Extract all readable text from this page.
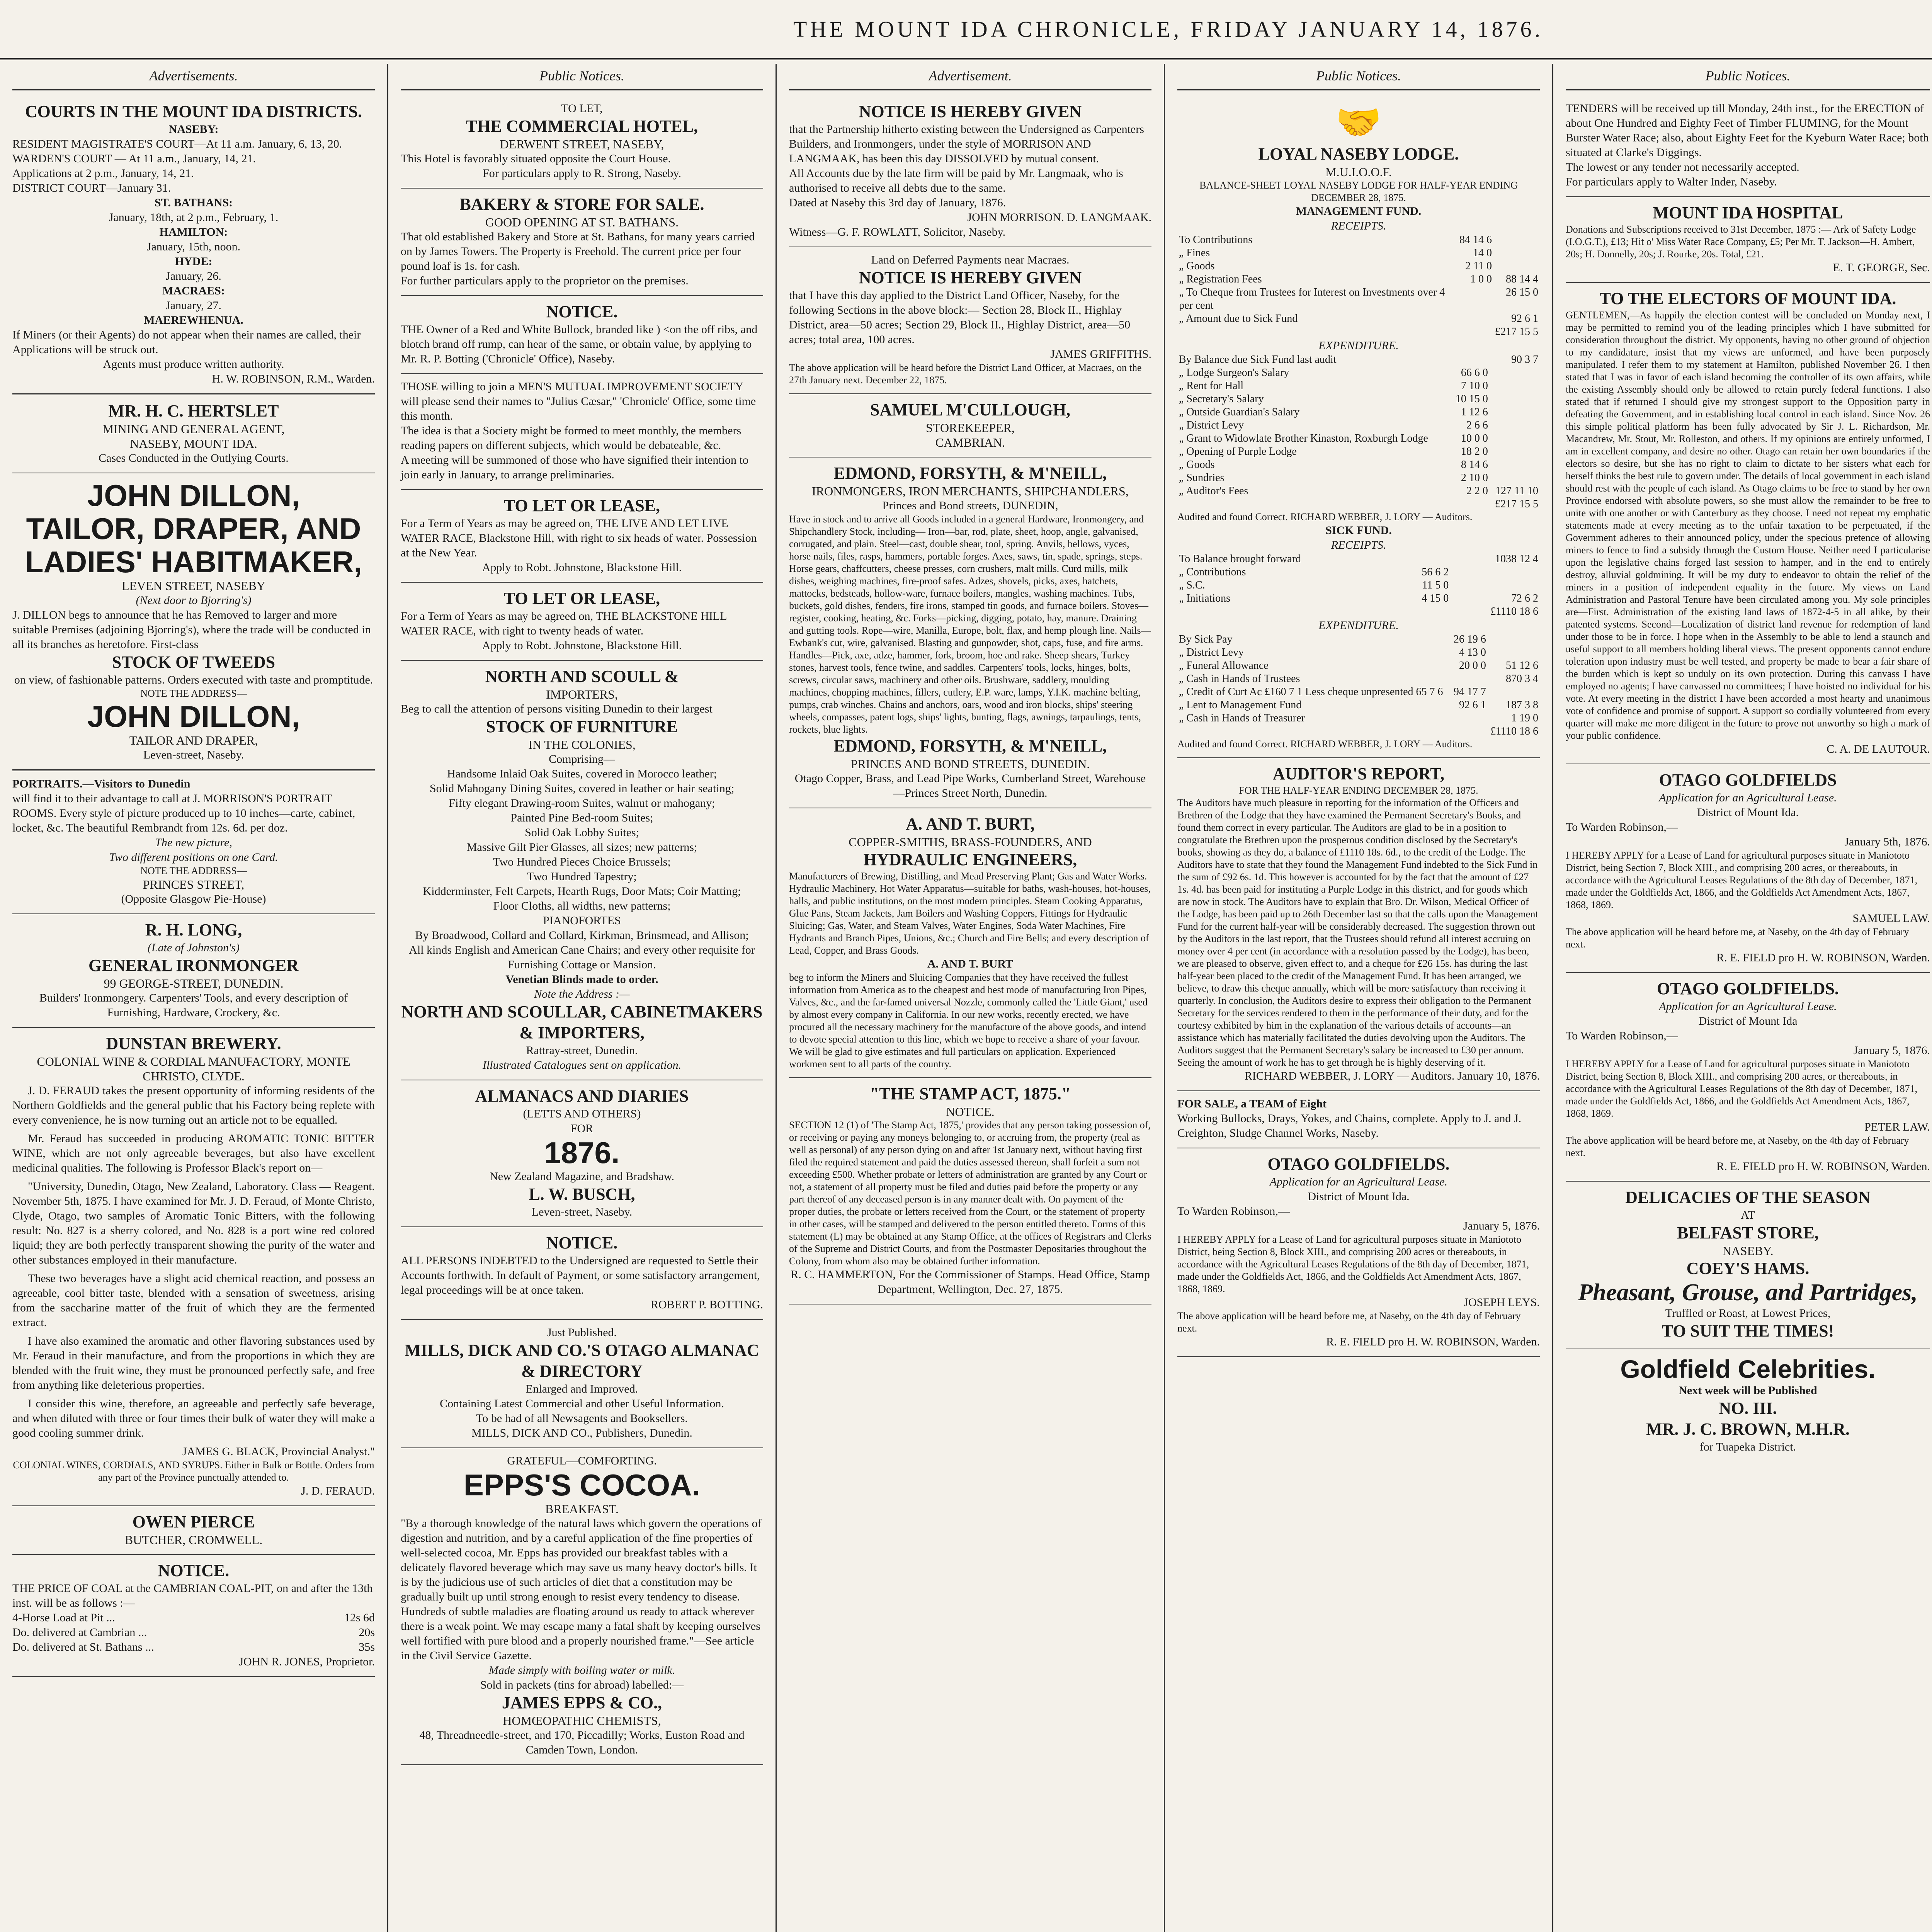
THE MOUNT IDA CHRONICLE, FRIDAY JANUARY 14, 1876.
Advertisements.
COURTS IN THE MOUNT IDA DISTRICTS.
NASEBY:
RESIDENT MAGISTRATE'S COURT—At 11 a.m. January, 6, 13, 20.
WARDEN'S COURT — At 11 a.m., January, 14, 21.
Applications at 2 p.m., January, 14, 21.
DISTRICT COURT—January 31.
ST. BATHANS:
January, 18th, at 2 p.m., February, 1.
HAMILTON:
January, 15th, noon.
HYDE:
January, 26.
MACRAES:
January, 27.
MAEREWHENUA.
If Miners (or their Agents) do not appear when their names are called, their Applications will be struck out.
Agents must produce written authority.
H. W. ROBINSON, R.M., Warden.
MR. H. C. HERTSLET
MINING AND GENERAL AGENT,
NASEBY, MOUNT IDA.
Cases Conducted in the Outlying Courts.
JOHN DILLON,
TAILOR, DRAPER, AND LADIES' HABITMAKER,
LEVEN STREET, NASEBY
(Next door to Bjorring's)
J. DILLON begs to announce that he has Removed to larger and more suitable Premises (adjoining Bjorring's), where the trade will be conducted in all its branches as heretofore. First-class
STOCK OF TWEEDS
on view, of fashionable patterns. Orders executed with taste and promptitude.
NOTE THE ADDRESS—
JOHN DILLON,
TAILOR AND DRAPER,
Leven-street, Naseby.
PORTRAITS.—Visitors to Dunedin
will find it to their advantage to call at J. MORRISON'S PORTRAIT ROOMS. Every style of picture produced up to 10 inches—carte, cabinet, locket, &c. The beautiful Rembrandt from 12s. 6d. per doz.
The new picture,
Two different positions on one Card.
NOTE THE ADDRESS—
PRINCES STREET,
(Opposite Glasgow Pie-House)
R. H. LONG,
(Late of Johnston's)
GENERAL IRONMONGER
99 GEORGE-STREET, DUNEDIN.
Builders' Ironmongery. Carpenters' Tools, and every description of Furnishing, Hardware, Crockery, &c.
DUNSTAN BREWERY.
COLONIAL WINE & CORDIAL MANUFACTORY, MONTE CHRISTO, CLYDE.

J. D. FERAUD takes the present opportunity of informing residents of the Northern Goldfields and the general public that his Factory being replete with every convenience, he is now turning out an article not to be equalled.

Mr. Feraud has succeeded in producing AROMATIC TONIC BITTER WINE, which are not only agreeable beverages, but also have excellent medicinal qualities. The following is Professor Black's report on—

"University, Dunedin, Otago, New Zealand, Laboratory. Class — Reagent. November 5th, 1875. I have examined for Mr. J. D. Feraud, of Monte Christo, Clyde, Otago, two samples of Aromatic Tonic Bitters, with the following result: No. 827 is a sherry colored, and No. 828 is a port wine red colored liquid; they are both perfectly transparent showing the purity of the water and other substances employed in their manufacture.

These two beverages have a slight acid chemical reaction, and possess an agreeable, cool bitter taste, blended with a sensation of sweetness, arising from the saccharine matter of the fruit of which they are the fermented extract.

I have also examined the aromatic and other flavoring substances used by Mr. Feraud in their manufacture, and from the proportions in which they are blended with the fruit wine, they must be pronounced perfectly safe, and free from anything like deleterious properties.

I consider this wine, therefore, an agreeable and perfectly safe beverage, and when diluted with three or four times their bulk of water they will make a good cooling summer drink.

JAMES G. BLACK, Provincial Analyst."
COLONIAL WINES, CORDIALS, AND SYRUPS. Either in Bulk or Bottle. Orders from any part of the Province punctually attended to.
J. D. FERAUD.
OWEN PIERCE
BUTCHER, CROMWELL.
NOTICE.
THE PRICE OF COAL at the CAMBRIAN COAL-PIT, on and after the 13th inst. will be as follows :—
4-Horse Load at Pit ...	12s 6d
Do. delivered at Cambrian ...	20s
Do. delivered at St. Bathans ...	35s
JOHN R. JONES, Proprietor.
Public Notices.
TO LET,
THE COMMERCIAL HOTEL,
DERWENT STREET, NASEBY,
This Hotel is favorably situated opposite the Court House.
For particulars apply to R. Strong, Naseby.
BAKERY & STORE FOR SALE.
GOOD OPENING AT ST. BATHANS.
That old established Bakery and Store at St. Bathans, for many years carried on by James Towers. The Property is Freehold. The current price per four pound loaf is 1s. for cash.
For further particulars apply to the proprietor on the premises.
NOTICE.
THE Owner of a Red and White Bullock, branded like ) <on the off ribs, and blotch brand off rump, can hear of the same, or obtain value, by applying to Mr. R. P. Botting ('Chronicle' Office), Naseby.
THOSE willing to join a MEN'S MUTUAL IMPROVEMENT SOCIETY will please send their names to "Julius Cæsar," 'Chronicle' Office, some time this month.
The idea is that a Society might be formed to meet monthly, the members reading papers on different subjects, which would be debateable, &c.
A meeting will be summoned of those who have signified their intention to join early in January, to arrange preliminaries.
TO LET OR LEASE,
For a Term of Years as may be agreed on, THE LIVE AND LET LIVE WATER RACE, Blackstone Hill, with right to six heads of water. Possession at the New Year.
Apply to Robt. Johnstone, Blackstone Hill.
TO LET OR LEASE,
For a Term of Years as may be agreed on, THE BLACKSTONE HILL WATER RACE, with right to twenty heads of water.
Apply to Robt. Johnstone, Blackstone Hill.
NORTH AND SCOULL &
IMPORTERS,
Beg to call the attention of persons visiting Dunedin to their largest
STOCK OF FURNITURE
IN THE COLONIES,
Comprising—
Handsome Inlaid Oak Suites, covered in Morocco leather;
Solid Mahogany Dining Suites, covered in leather or hair seating;
Fifty elegant Drawing-room Suites, walnut or mahogany;
Painted Pine Bed-room Suites;
Solid Oak Lobby Suites;
Massive Gilt Pier Glasses, all sizes; new patterns;
Two Hundred Pieces Choice Brussels;
Two Hundred Tapestry;
Kidderminster, Felt Carpets, Hearth Rugs, Door Mats; Coir Matting;
Floor Cloths, all widths, new patterns;
PIANOFORTES
By Broadwood, Collard and Collard, Kirkman, Brinsmead, and Allison;
All kinds English and American Cane Chairs; and every other requisite for Furnishing Cottage or Mansion.
Venetian Blinds made to order.
Note the Address :—
NORTH AND SCOULLAR, CABINETMAKERS & IMPORTERS,
Rattray-street, Dunedin.
Illustrated Catalogues sent on application.
ALMANACS AND DIARIES
(LETTS AND OTHERS)
FOR
1876.
New Zealand Magazine, and Bradshaw.
L. W. BUSCH,
Leven-street, Naseby.
NOTICE.
ALL PERSONS INDEBTED to the Undersigned are requested to Settle their Accounts forthwith. In default of Payment, or some satisfactory arrangement, legal proceedings will be at once taken.
ROBERT P. BOTTING.
Just Published.
MILLS, DICK AND CO.'S OTAGO ALMANAC & DIRECTORY
Enlarged and Improved.
Containing Latest Commercial and other Useful Information.
To be had of all Newsagents and Booksellers.
MILLS, DICK AND CO., Publishers, Dunedin.
GRATEFUL—COMFORTING.
EPPS'S COCOA.
BREAKFAST.
"By a thorough knowledge of the natural laws which govern the operations of digestion and nutrition, and by a careful application of the fine properties of well-selected cocoa, Mr. Epps has provided our breakfast tables with a delicately flavored beverage which may save us many heavy doctor's bills. It is by the judicious use of such articles of diet that a constitution may be gradually built up until strong enough to resist every tendency to disease. Hundreds of subtle maladies are floating around us ready to attack wherever there is a weak point. We may escape many a fatal shaft by keeping ourselves well fortified with pure blood and a properly nourished frame."—See article in the Civil Service Gazette.
Made simply with boiling water or milk.
Sold in packets (tins for abroad) labelled:—
JAMES EPPS & CO.,
HOMŒOPATHIC CHEMISTS,
48, Threadneedle-street, and 170, Piccadilly; Works, Euston Road and Camden Town, London.
Advertisement.
NOTICE IS HEREBY GIVEN
that the Partnership hitherto existing between the Undersigned as Carpenters Builders, and Ironmongers, under the style of MORRISON AND LANGMAAK, has been this day DISSOLVED by mutual consent.
All Accounts due by the late firm will be paid by Mr. Langmaak, who is authorised to receive all debts due to the same.
Dated at Naseby this 3rd day of January, 1876.
JOHN MORRISON. D. LANGMAAK.
Witness—G. F. ROWLATT, Solicitor, Naseby.
Land on Deferred Payments near Macraes.
NOTICE IS HEREBY GIVEN
that I have this day applied to the District Land Officer, Naseby, for the following Sections in the above block:— Section 28, Block II., Highlay District, area—50 acres; Section 29, Block II., Highlay District, area—50 acres; total area, 100 acres.
JAMES GRIFFITHS.
The above application will be heard before the District Land Officer, at Macraes, on the 27th January next. December 22, 1875.
SAMUEL M'CULLOUGH,
STOREKEEPER,
CAMBRIAN.
EDMOND, FORSYTH, & M'NEILL,
IRONMONGERS, IRON MERCHANTS, SHIPCHANDLERS,
Princes and Bond streets, DUNEDIN,
Have in stock and to arrive all Goods included in a general Hardware, Ironmongery, and Shipchandlery Stock, including— Iron—bar, rod, plate, sheet, hoop, angle, galvanised, corrugated, and plain. Steel—cast, double shear, tool, spring. Anvils, bellows, vyces, horse nails, files, rasps, hammers, portable forges. Axes, saws, tin, spade, springs, steps. Horse gears, chaffcutters, cheese presses, corn crushers, malt mills. Curd mills, milk dishes, weighing machines, fire-proof safes. Adzes, shovels, picks, axes, hatchets, mattocks, bedsteads, hollow-ware, furnace boilers, mangles, washing machines. Tubs, buckets, gold dishes, fenders, fire irons, stamped tin goods, and furnace boilers. Stoves—register, cooking, heating, &c. Forks—picking, digging, potato, hay, manure. Draining and gutting tools. Rope—wire, Manilla, Europe, bolt, flax, and hemp plough line. Nails—Ewbank's cut, wire, galvanised. Blasting and gunpowder, shot, caps, fuse, and fire arms. Handles—Pick, axe, adze, hammer, fork, broom, hoe and rake. Sheep shears, Turkey stones, harvest tools, fence twine, and saddles. Carpenters' tools, locks, hinges, bolts, screws, circular saws, machinery and other oils. Brushware, saddlery, moulding machines, chopping machines, fillers, cutlery, E.P. ware, lamps, Y.I.K. machine belting, pumps, crab winches. Chains and anchors, oars, wood and iron blocks, ships' steering wheels, compasses, patent logs, ships' lights, bunting, flags, awnings, tarpaulings, tents, rockets, blue lights.
EDMOND, FORSYTH, & M'NEILL,
PRINCES AND BOND STREETS, DUNEDIN.
Otago Copper, Brass, and Lead Pipe Works, Cumberland Street, Warehouse—Princes Street North, Dunedin.
A. AND T. BURT,
COPPER-SMITHS, BRASS-FOUNDERS, AND
HYDRAULIC ENGINEERS,
Manufacturers of Brewing, Distilling, and Mead Preserving Plant; Gas and Water Works. Hydraulic Machinery, Hot Water Apparatus—suitable for baths, wash-houses, hot-houses, halls, and public institutions, on the most modern principles. Steam Cooking Apparatus, Glue Pans, Steam Jackets, Jam Boilers and Washing Coppers, Fittings for Hydraulic Sluicing; Gas, Water, and Steam Valves, Water Engines, Soda Water Machines, Fire Hydrants and Branch Pipes, Unions, &c.; Church and Fire Bells; and every description of Lead, Copper, and Brass Goods.
A. AND T. BURT
beg to inform the Miners and Sluicing Companies that they have received the fullest information from America as to the cheapest and best mode of manufacturing Iron Pipes, Valves, &c., and the far-famed universal Nozzle, commonly called the 'Little Giant,' used by almost every company in California. In our new works, recently erected, we have procured all the necessary machinery for the manufacture of the above goods, and intend to devote special attention to this line, which we hope to receive a share of your favour. We will be glad to give estimates and full particulars on application. Experienced workmen sent to all parts of the country.
"THE STAMP ACT, 1875."
NOTICE.
SECTION 12 (1) of 'The Stamp Act, 1875,' provides that any person taking possession of, or receiving or paying any moneys belonging to, or accruing from, the property (real as well as personal) of any person dying on and after 1st January next, without having first filed the required statement and paid the duties assessed thereon, shall forfeit a sum not exceeding £500. Whether probate or letters of administration are granted by any Court or not, a statement of all property must be filed and duties paid before the property or any part thereof of any deceased person is in any manner dealt with. On payment of the proper duties, the probate or letters received from the Court, or the statement of property in other cases, will be stamped and delivered to the person entitled thereto. Forms of this statement (L) may be obtained at any Stamp Office, at the offices of Registrars and Clerks of the Supreme and District Courts, and from the Postmaster Depositaries throughout the Colony, from whom also may be obtained further information.
R. C. HAMMERTON, For the Commissioner of Stamps. Head Office, Stamp Department, Wellington, Dec. 27, 1875.
Public Notices.
🤝
LOYAL NASEBY LODGE.
M.U.I.O.O.F.
BALANCE-SHEET LOYAL NASEBY LODGE FOR HALF-YEAR ENDING DECEMBER 28, 1875.
MANAGEMENT FUND.
RECEIPTS.
To Contributions	84 14 6	
„ Fines	14 0	
„ Goods	2 11 0	
„ Registration Fees	1 0 0	88 14 4
„ To Cheque from Trustees for Interest on Investments over 4 per cent		26 15 0
„ Amount due to Sick Fund		92 6 1
		£217 15 5
EXPENDITURE.
By Balance due Sick Fund last audit		90 3 7
„ Lodge Surgeon's Salary	66 6 0	
„ Rent for Hall	7 10 0	
„ Secretary's Salary	10 15 0	
„ Outside Guardian's Salary	1 12 6	
„ District Levy	2 6 6	
„ Grant to Widowlate Brother Kinaston, Roxburgh Lodge	10 0 0	
„ Opening of Purple Lodge	18 2 0	
„ Goods	8 14 6	
„ Sundries	2 10 0	
„ Auditor's Fees	2 2 0	127 11 10
		£217 15 5
Audited and found Correct. RICHARD WEBBER, J. LORY — Auditors.
SICK FUND.
RECEIPTS.
To Balance brought forward		1038 12 4
„ Contributions	56 6 2	
„ S.C.	11 5 0	
„ Initiations	4 15 0	72 6 2
		£1110 18 6
EXPENDITURE.
By Sick Pay	26 19 6	
„ District Levy	4 13 0	
„ Funeral Allowance	20 0 0	51 12 6
„ Cash in Hands of Trustees		870 3 4
„ Credit of Curt Ac £160 7 1 Less cheque unpresented 65 7 6	94 17 7	
„ Lent to Management Fund	92 6 1	187 3 8
„ Cash in Hands of Treasurer		1 19 0
		£1110 18 6
Audited and found Correct. RICHARD WEBBER, J. LORY — Auditors.
AUDITOR'S REPORT,
FOR THE HALF-YEAR ENDING DECEMBER 28, 1875.
The Auditors have much pleasure in reporting for the information of the Officers and Brethren of the Lodge that they have examined the Permanent Secretary's Books, and found them correct in every particular. The Auditors are glad to be in a position to congratulate the Brethren upon the prosperous condition disclosed by the Secretary's books, showing as they do, a balance of £1110 18s. 6d., to the credit of the Lodge. The Auditors have to state that they found the Management Fund indebted to the Sick Fund in the sum of £92 6s. 1d. This however is accounted for by the fact that the amount of £27 1s. 4d. has been paid for instituting a Purple Lodge in this district, and for goods which are now in stock. The Auditors have to explain that Bro. Dr. Wilson, Medical Officer of the Lodge, has been paid up to 26th December last so that the calls upon the Management Fund for the current half-year will be considerably decreased. The suggestion thrown out by the Auditors in the last report, that the Trustees should refund all interest accruing on money over 4 per cent (in accordance with a resolution passed by the Lodge), has been, we are pleased to observe, given effect to, and a cheque for £26 15s. has during the last half-year been placed to the credit of the Management Fund. It has been arranged, we believe, to draw this cheque annually, which will be more satisfactory than receiving it quarterly. In conclusion, the Auditors desire to express their obligation to the Permanent Secretary for the services rendered to them in the performance of their duty, and for the courtesy exhibited by him in the explanation of the various details of accounts—an assistance which has materially facilitated the duties devolving upon the Auditors. The Auditors suggest that the Permanent Secretary's salary be increased to £30 per annum. Seeing the amount of work he has to get through he is highly deserving of it.
RICHARD WEBBER, J. LORY — Auditors. January 10, 1876.
FOR SALE, a TEAM of Eight
Working Bullocks, Drays, Yokes, and Chains, complete. Apply to J. and J. Creighton, Sludge Channel Works, Naseby.
OTAGO GOLDFIELDS.
Application for an Agricultural Lease.
District of Mount Ida.
To Warden Robinson,—
January 5, 1876.
I HEREBY APPLY for a Lease of Land for agricultural purposes situate in Maniototo District, being Section 8, Block XIII., and comprising 200 acres or thereabouts, in accordance with the Agricultural Leases Regulations of the 8th day of December, 1871, made under the Goldfields Act, 1866, and the Goldfields Act Amendment Acts, 1867, 1868, 1869.
JOSEPH LEYS.
The above application will be heard before me, at Naseby, on the 4th day of February next.
R. E. FIELD pro H. W. ROBINSON, Warden.
Public Notices.
TENDERS will be received up till Monday, 24th inst., for the ERECTION of about One Hundred and Eighty Feet of Timber FLUMING, for the Mount Burster Water Race; also, about Eighty Feet for the Kyeburn Water Race; both situated at Clarke's Diggings.
The lowest or any tender not necessarily accepted.
For particulars apply to Walter Inder, Naseby.
MOUNT IDA HOSPITAL
Donations and Subscriptions received to 31st December, 1875 :— Ark of Safety Lodge (I.O.G.T.), £13; Hit o' Miss Water Race Company, £5; Per Mr. T. Jackson—H. Ambert, 20s; H. Donnelly, 20s; J. Rourke, 20s. Total, £21.
E. T. GEORGE, Sec.
TO THE ELECTORS OF MOUNT IDA.
GENTLEMEN,—As happily the election contest will be concluded on Monday next, I may be permitted to remind you of the leading principles which I have submitted for consideration throughout the district. My opponents, having no other ground of objection to my candidature, insist that my views are unformed, and have been purposely manipulated. I refer them to my statement at Hamilton, published November 26. I then stated that I was in favor of each island becoming the controller of its own affairs, while the existing Assembly should only be allowed to retain purely federal functions. I also stated that if returned I should give my strongest support to the Opposition party in defeating the Government, and in establishing local control in each island. Since Nov. 26 this simple political platform has been fully advocated by Sir J. L. Richardson, Mr. Macandrew, Mr. Stout, Mr. Rolleston, and others. If my opinions are entirely unformed, I am in excellent company, and desire no other. Otago can retain her own boundaries if the electors so desire, but she has no right to claim to dictate to her sisters what each for herself thinks the best rule to govern under. The details of local government in each island should rest with the people of each island. As Otago claims to be free to stand by her own Province endorsed with absolute powers, so she must allow the remainder to be free to unite with one another or with Canterbury as they choose. I need not repeat my emphatic statements made at every meeting as to the unfair taxation to be perpetuated, if the Government adheres to their announced policy, under the specious pretence of allowing miners to fence to find a subsidy through the Custom House. Neither need I particularise upon the legislative chains forged last session to hamper, and in the end to entirely destroy, alluvial goldmining. It will be my duty to endeavor to obtain the relief of the miners in a position of independent equality in the future. My views on Land Administration and Pastoral Tenure have been circulated among you. My sole principles are—First. Administration of the existing land laws of 1872-4-5 in all alike, by their patented systems. Second—Localization of district land revenue for redemption of land under those to be in force. I hope when in the Assembly to be able to lend a staunch and useful support to all members holding liberal views. The present opponents cannot endure toleration upon industry must be well tested, and property be made to bear a fair share of the burden which is kept so unduly on its own protection. During this canvass I have employed no agents; I have canvassed no committees; I have hoisted no individual for his vote. At every meeting in the district I have been accorded a most hearty and unanimous vote of confidence and promise of support. A support so cordially volunteered from every quarter will make me more diligent in the future to prove not unworthy so high a mark of your public confidence.
C. A. DE LAUTOUR.
OTAGO GOLDFIELDS
Application for an Agricultural Lease.
District of Mount Ida.
To Warden Robinson,—
January 5th, 1876.
I HEREBY APPLY for a Lease of Land for agricultural purposes situate in Maniototo District, being Section 7, Block XIII., and comprising 200 acres, or thereabouts, in accordance with the Agricultural Leases Regulations of the 8th day of December, 1871, made under the Goldfields Act, 1866, and the Goldfields Act Amendment Acts, 1867, 1868, 1869.
SAMUEL LAW.
The above application will be heard before me, at Naseby, on the 4th day of February next.
R. E. FIELD pro H. W. ROBINSON, Warden.
OTAGO GOLDFIELDS.
Application for an Agricultural Lease.
District of Mount Ida
To Warden Robinson,—
January 5, 1876.
I HEREBY APPLY for a Lease of Land for agricultural purposes situate in Maniototo District, being Section 8, Block XIII., and comprising 200 acres, or thereabouts, in accordance with the Agricultural Leases Regulations of the 8th day of December, 1871, made under the Goldfields Act, 1866, and the Goldfields Act Amendment Acts, 1867, 1868, 1869.
PETER LAW.
The above application will be heard before me, at Naseby, on the 4th day of February next.
R. E. FIELD pro H. W. ROBINSON, Warden.
DELICACIES OF THE SEASON
AT
BELFAST STORE,
NASEBY.
COEY'S HAMS.
Pheasant, Grouse, and Partridges,
Truffled or Roast, at Lowest Prices,
TO SUIT THE TIMES!
Goldfield Celebrities.
Next week will be Published
NO. III.
MR. J. C. BROWN, M.H.R.
for Tuapeka District.
